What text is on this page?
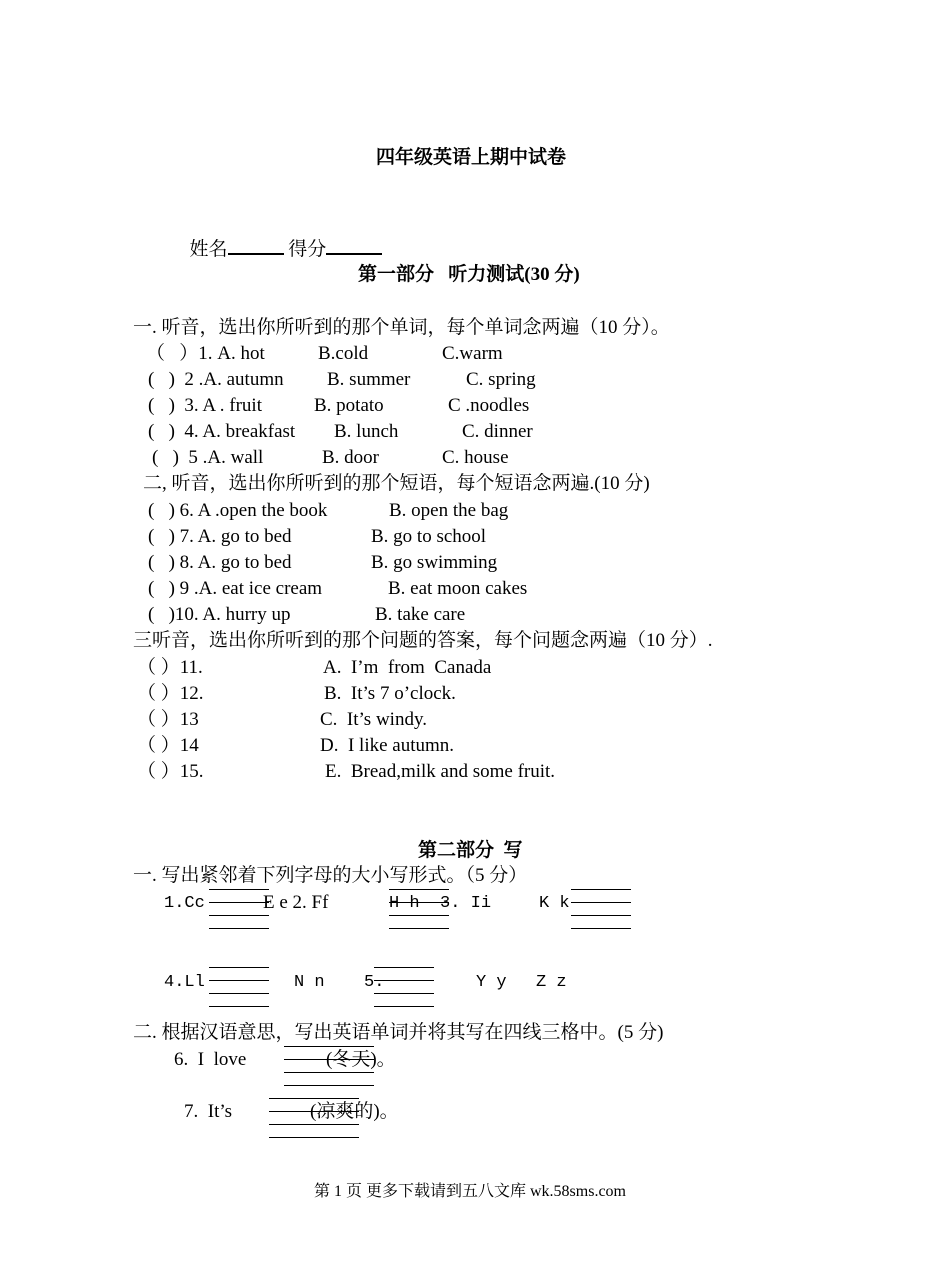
四年级英语上期中试卷

姓名	得分

第一部分   听力测试(30 分)
一. 听音，选出你所听到的那个单词，每个单词念两遍（10 分）。
（   ）1. A. hot	B.cold	C.warm
(   )  2 .A. autumn B. summer	C. spring
(   )  3. A . fruit	B. potato	C .noodles
(   )  4. A. breakfast B. lunch	C. dinner
(   )  5 .A. wall	B. door	C. house
二, 听音，选出你所听到的那个短语，每个短语念两遍.(10 分)
(   ) 6. A .open the book	B. open the bag
(   ) 7. A. go to bed	B. go to school
(   ) 8. A. go to bed	B. go swimming
(   ) 9 .A. eat ice cream	B. eat moon cakes
(   )10. A. hurry up	B. take care
三听音，选出你所听到的那个问题的答案，每个问题念两遍（10 分）.
（ ）11.	A.  I’m  from  Canada
（ ）12.	B.  It’s 7 o’clock.
（ ）13	C.  It’s windy.
（ ）14	D.  I like autumn.
（ ）15.	E.  Bread,milk and some fruit.
第二部分  写
一. 写出紧邻着下列字母的大小写形式。（5 分）
1.Cc	E e 2. Ff	H h  3. Ii	K k
4.Ll	N n 5.	Y y Z z
二. 根据汉语意思，写出英语单词并将其写在四线三格中。(5 分)
6.  I  love	(冬天)。
7.  It’s	(凉爽的)。
第 1 页 更多下载请到五八文库 wk.58sms.com
